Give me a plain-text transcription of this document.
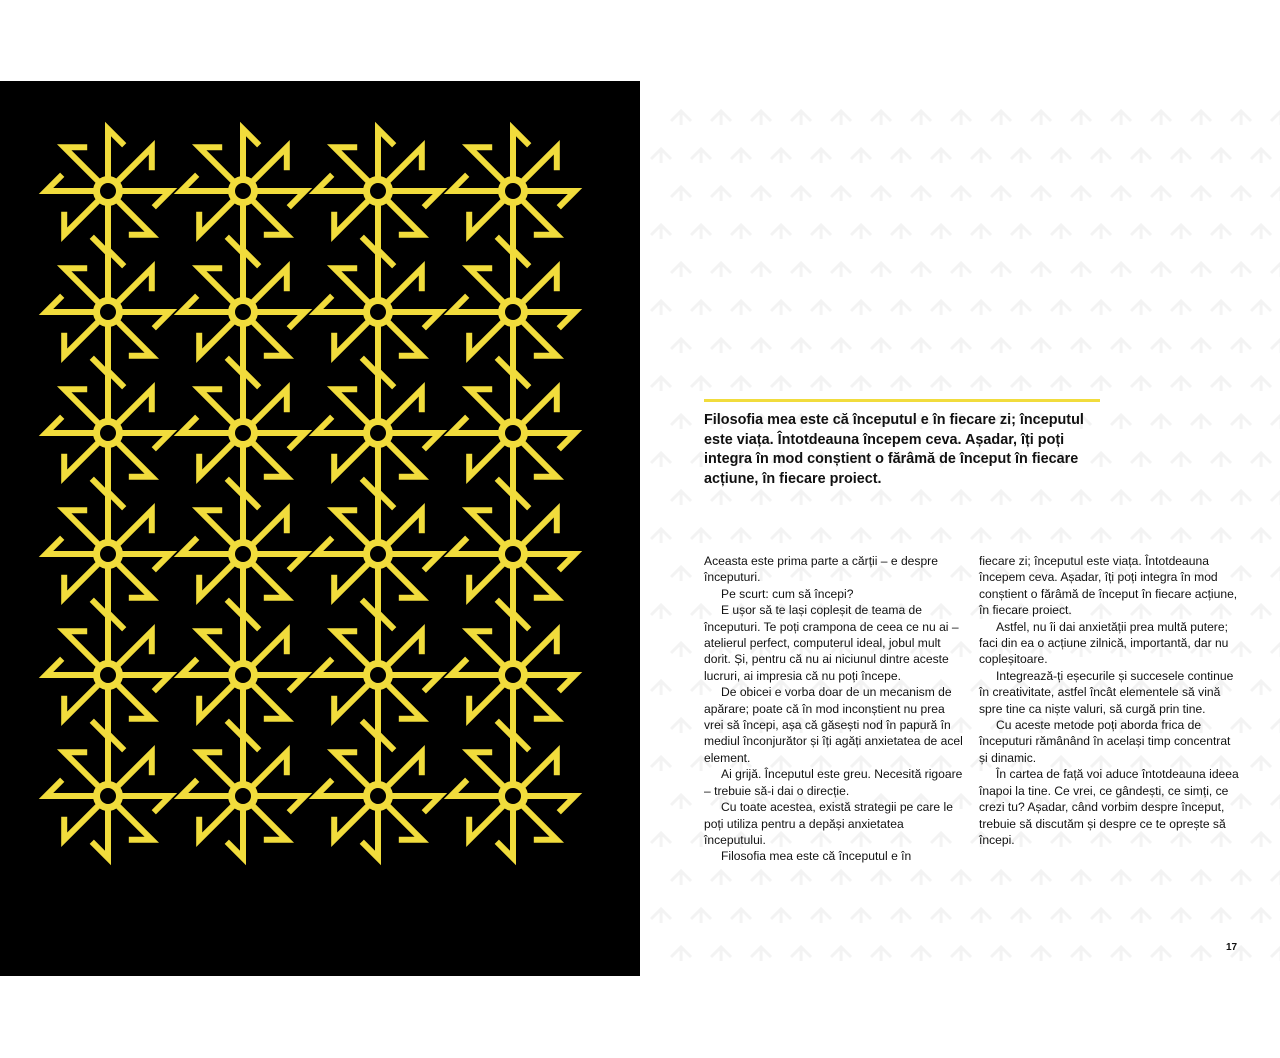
Filosofia mea este că începutul e în fiecare zi; începutul este viața. Întotdeauna începem ceva. Așadar, îți poți integra în mod conștient o fărâmă de început în fiecare acțiune, în fiecare proiect.

Aceasta este prima parte a cărții – e despre începuturi.

Pe scurt: cum să începi?

E ușor să te lași copleșit de teama de începuturi. Te poți crampona de ceea ce nu ai – atelierul perfect, computerul ideal, jobul mult dorit. Și, pentru că nu ai niciunul dintre aceste lucruri, ai impresia că nu poți începe.

De obicei e vorba doar de un mecanism de apărare; poate că în mod inconștient nu prea vrei să începi, așa că găsești nod în papură în mediul înconjurător și îți agăți anxietatea de acel element.

Ai grijă. Începutul este greu. Necesită rigoare – trebuie să-i dai o direcție.

Cu toate acestea, există strategii pe care le poți utiliza pentru a depăși anxietatea începutului.

Filosofia mea este că începutul e în

fiecare zi; începutul este viața. Întotdeauna începem ceva. Așadar, îți poți integra în mod conștient o fărâmă de început în fiecare acțiune, în fiecare proiect.

Astfel, nu îi dai anxietății prea multă putere; faci din ea o acțiune zilnică, importantă, dar nu copleșitoare.

Integrează-ți eșecurile și succesele continue în creativitate, astfel încât elementele să vină spre tine ca niște valuri, să curgă prin tine.

Cu aceste metode poți aborda frica de începuturi rămânând în același timp concentrat și dinamic.

În cartea de față voi aduce întotdeauna ideea înapoi la tine. Ce vrei, ce gândești, ce simți, ce crezi tu? Așadar, când vorbim despre început, trebuie să discutăm și despre ce te oprește să începi.

17
